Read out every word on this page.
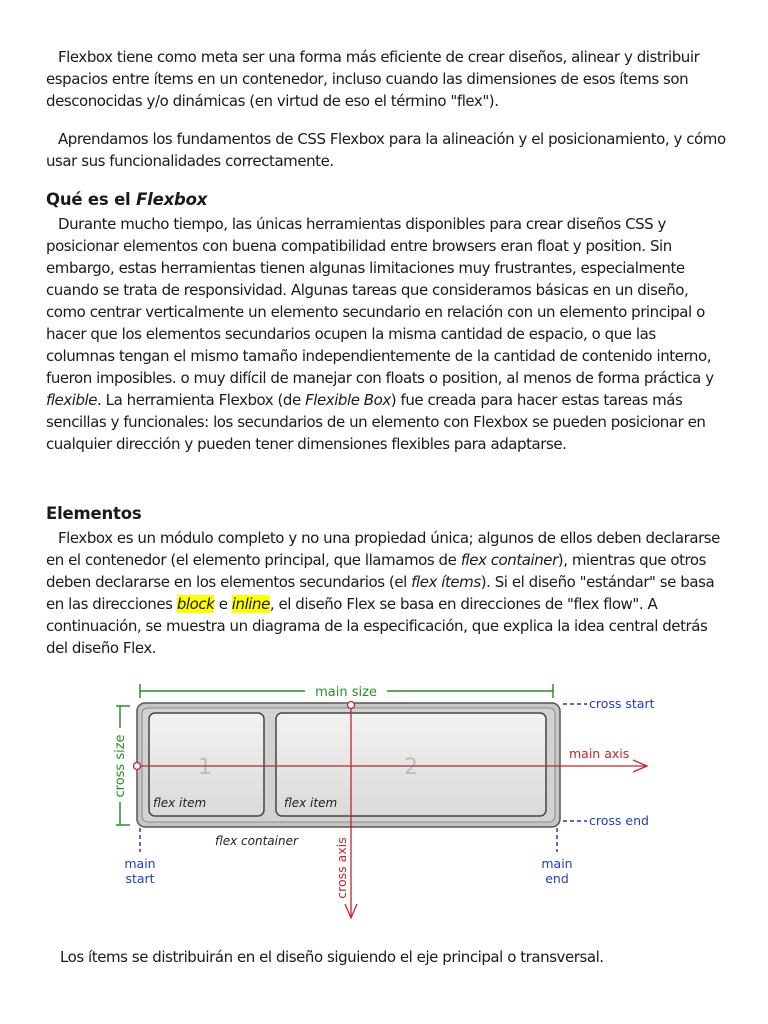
Flexbox tiene como meta ser una forma más eficiente de crear diseños, alinear y distribuir espacios entre ítems en un contenedor, incluso cuando las dimensiones de esos ítems son desconocidas y/o dinámicas (en virtud de eso el término "flex").

Aprendamos los fundamentos de CSS Flexbox para la alineación y el posicionamiento, y cómo usar sus funcionalidades correctamente.

Qué es el Flexbox

Durante mucho tiempo, las únicas herramientas disponibles para crear diseños CSS y posicionar elementos con buena compatibilidad entre browsers eran float y position. Sin embargo, estas herramientas tienen algunas limitaciones muy frustrantes, especialmente cuando se trata de responsividad. Algunas tareas que consideramos básicas en un diseño, como centrar verticalmente un elemento secundario en relación con un elemento principal o hacer que los elementos secundarios ocupen la misma cantidad de espacio, o que las columnas tengan el mismo tamaño independientemente de la cantidad de contenido interno, fueron imposibles. o muy difícil de manejar con floats o position, al menos de forma práctica y flexible. La herramienta Flexbox (de Flexible Box) fue creada para hacer estas tareas más sencillas y funcionales: los secundarios de un elemento con Flexbox se pueden posicionar en cualquier dirección y pueden tener dimensiones flexibles para adaptarse.

Elementos

Flexbox es un módulo completo y no una propiedad única; algunos de ellos deben declararse en el contenedor (el elemento principal, que llamamos de flex container), mientras que otros deben declararse en los elementos secundarios (el flex ítems). Si el diseño "estándar" se basa en las direcciones block e inline, el diseño Flex se basa en direcciones de "flex flow". A continuación, se muestra un diagrama de la especificación, que explica la idea central detrás del diseño Flex.

main size
cross size	1	2
flex item	flex item
flex container
cross start
cross end
main
start
main
end
main axis
cross axis

Los ítems se distribuirán en el diseño siguiendo el eje principal o transversal.
